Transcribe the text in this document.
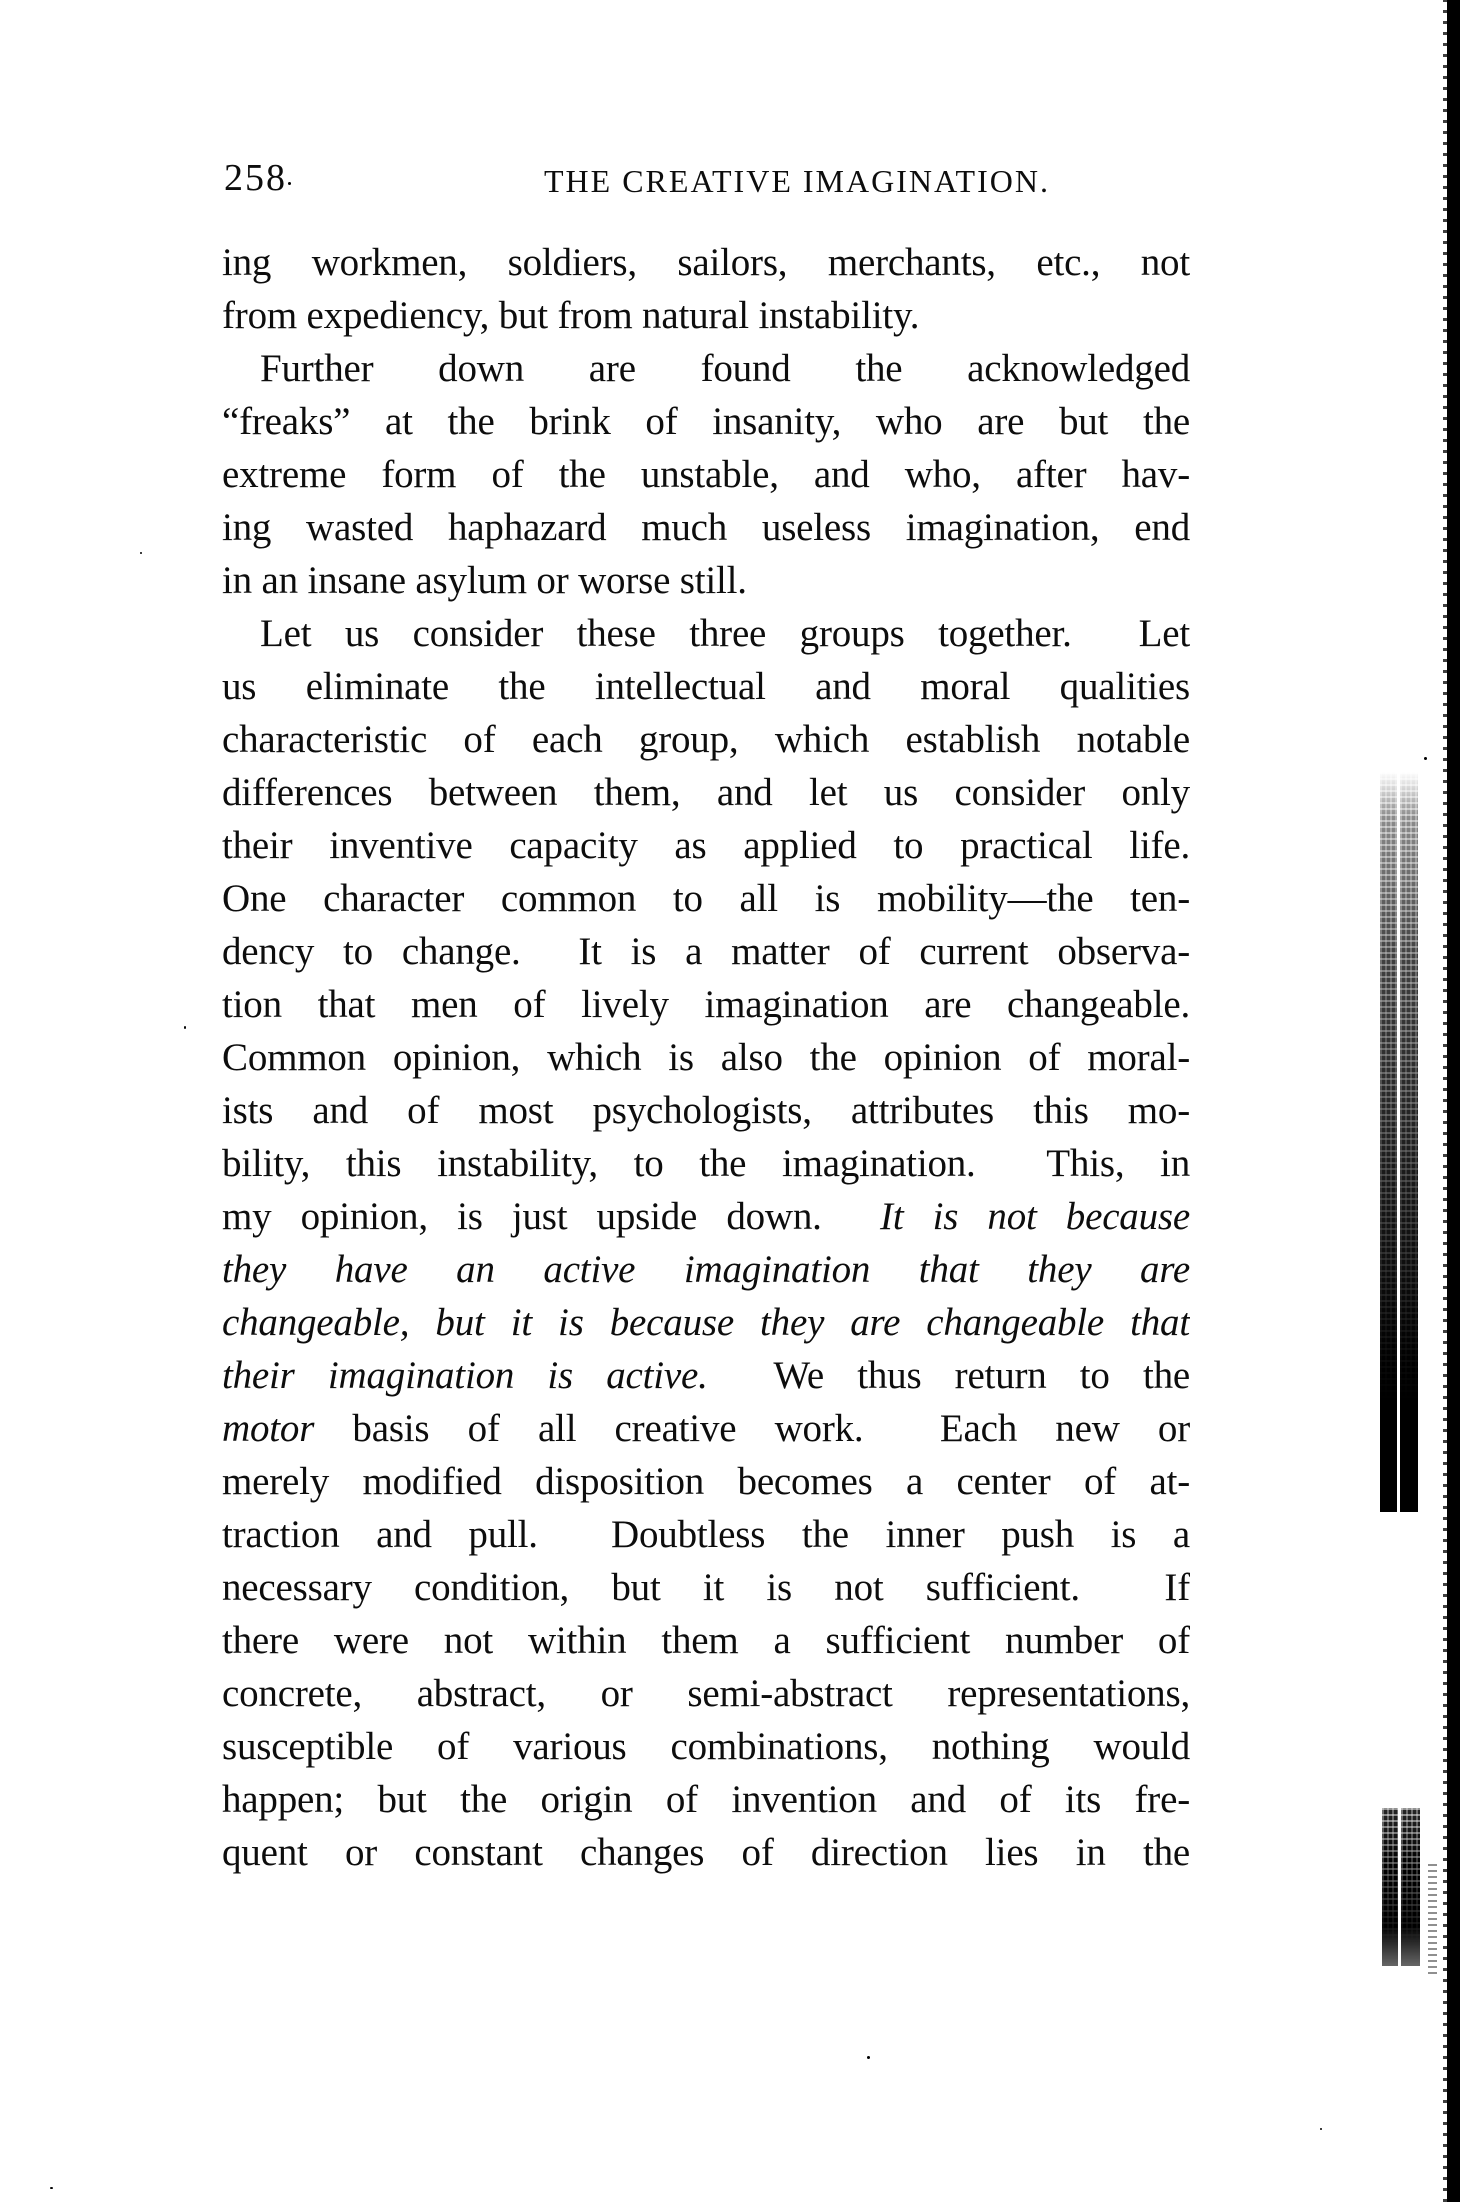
258	THE CREATIVE IMAGINATION.
ing workmen, soldiers, sailors, merchants, etc., not
from expediency, but from natural instability.
Further down are found the acknowledged
“freaks” at the brink of insanity, who are but the
extreme form of the unstable, and who, after hav-
ing wasted haphazard much useless imagination, end
in an insane asylum or worse still.
Let us consider these three groups together.  Let
us eliminate the intellectual and moral qualities
characteristic of each group, which establish notable
differences between them, and let us consider only
their inventive capacity as applied to practical life.
One character common to all is mobility—the ten-
dency to change.  It is a matter of current observa-
tion that men of lively imagination are changeable.
Common opinion, which is also the opinion of moral-
ists and of most psychologists, attributes this mo-
bility, this instability, to the imagination.  This, in
my opinion, is just upside down.  It is not because
they have an active imagination that they are
changeable, but it is because they are changeable that
their imagination is active.  We thus return to the
motor basis of all creative work.  Each new or
merely modified disposition becomes a center of at-
traction and pull.  Doubtless the inner push is a
necessary condition, but it is not sufficient.  If
there were not within them a sufficient number of
concrete, abstract, or semi-abstract representations,
susceptible of various combinations, nothing would
happen; but the origin of invention and of its fre-
quent or constant changes of direction lies in the
